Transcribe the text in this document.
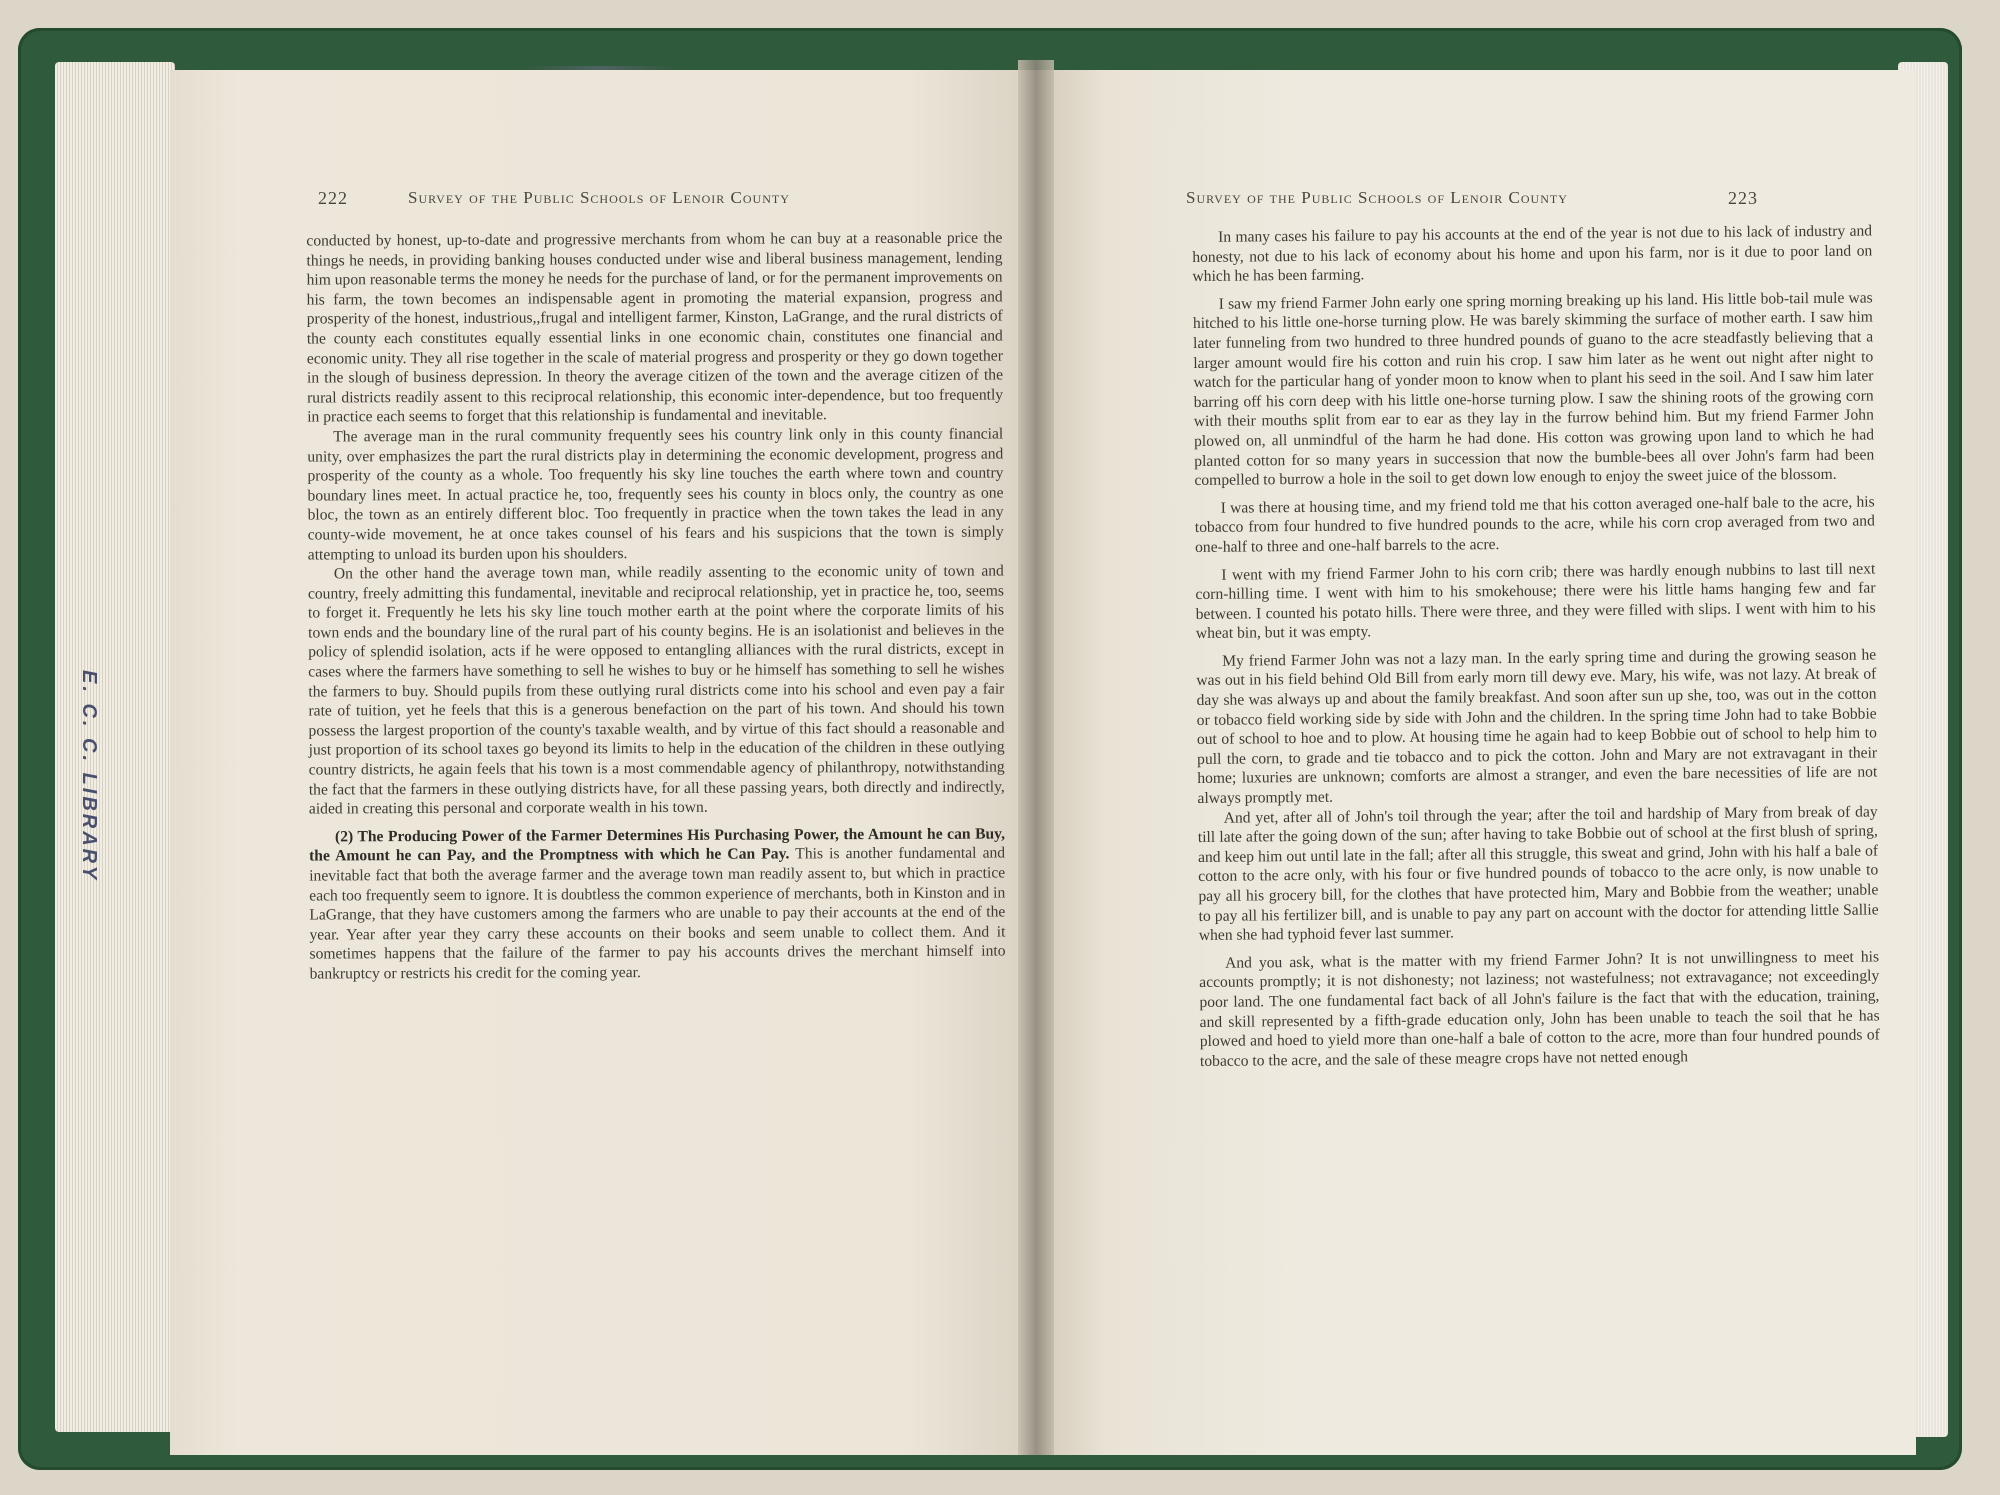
222	Survey of the Public Schools of Lenoir County

conducted by honest, up-to-date and progressive merchants from whom he can buy at a reasonable price the things he needs, in providing banking houses conducted under wise and liberal business management, lending him upon reasonable terms the money he needs for the purchase of land, or for the permanent improvements on his farm, the town becomes an indispensable agent in promoting the material expansion, progress and prosperity of the honest, industrious,,frugal and intelligent farmer, Kinston, LaGrange, and the rural districts of the county each constitutes equally essential links in one economic chain, constitutes one financial and economic unity. They all rise together in the scale of material progress and prosperity or they go down together in the slough of business depression. In theory the average citizen of the town and the average citizen of the rural districts readily assent to this reciprocal relationship, this economic inter-dependence, but too frequently in practice each seems to forget that this relationship is fundamental and inevitable.

The average man in the rural community frequently sees his country link only in this county financial unity, over emphasizes the part the rural districts play in determining the economic development, progress and prosperity of the county as a whole. Too frequently his sky line touches the earth where town and country boundary lines meet. In actual practice he, too, frequently sees his county in blocs only, the country as one bloc, the town as an entirely different bloc. Too frequently in practice when the town takes the lead in any county-wide movement, he at once takes counsel of his fears and his suspicions that the town is simply attempting to unload its burden upon his shoulders.

On the other hand the average town man, while readily assenting to the economic unity of town and country, freely admitting this fundamental, inevitable and reciprocal relationship, yet in practice he, too, seems to forget it. Frequently he lets his sky line touch mother earth at the point where the corporate limits of his town ends and the boundary line of the rural part of his county begins. He is an isolationist and believes in the policy of splendid isolation, acts if he were opposed to entangling alliances with the rural districts, except in cases where the farmers have something to sell he wishes to buy or he himself has something to sell he wishes the farmers to buy. Should pupils from these outlying rural districts come into his school and even pay a fair rate of tuition, yet he feels that this is a generous benefaction on the part of his town. And should his town possess the largest proportion of the county's taxable wealth, and by virtue of this fact should a reasonable and just proportion of its school taxes go beyond its limits to help in the education of the children in these outlying country districts, he again feels that his town is a most commendable agency of philanthropy, notwithstanding the fact that the farmers in these outlying districts have, for all these passing years, both directly and indirectly, aided in creating this personal and corporate wealth in his town.

(2) The Producing Power of the Farmer Determines His Purchasing Power, the Amount he can Buy, the Amount he can Pay, and the Promptness with which he Can Pay. This is another fundamental and inevitable fact that both the average farmer and the average town man readily assent to, but which in practice each too frequently seem to ignore. It is doubtless the common experience of merchants, both in Kinston and in LaGrange, that they have customers among the farmers who are unable to pay their accounts at the end of the year. Year after year they carry these accounts on their books and seem unable to collect them. And it sometimes happens that the failure of the farmer to pay his accounts drives the merchant himself into bankruptcy or restricts his credit for the coming year.

E. C. C. LIBRARY
Survey of the Public Schools of Lenoir County	223

In many cases his failure to pay his accounts at the end of the year is not due to his lack of industry and honesty, not due to his lack of economy about his home and upon his farm, nor is it due to poor land on which he has been farming.

I saw my friend Farmer John early one spring morning breaking up his land. His little bob-tail mule was hitched to his little one-horse turning plow. He was barely skimming the surface of mother earth. I saw him later funneling from two hundred to three hundred pounds of guano to the acre steadfastly believing that a larger amount would fire his cotton and ruin his crop. I saw him later as he went out night after night to watch for the particular hang of yonder moon to know when to plant his seed in the soil. And I saw him later barring off his corn deep with his little one-horse turning plow. I saw the shining roots of the growing corn with their mouths split from ear to ear as they lay in the furrow behind him. But my friend Farmer John plowed on, all unmindful of the harm he had done. His cotton was growing upon land to which he had planted cotton for so many years in succession that now the bumble-bees all over John's farm had been compelled to burrow a hole in the soil to get down low enough to enjoy the sweet juice of the blossom.

I was there at housing time, and my friend told me that his cotton averaged one-half bale to the acre, his tobacco from four hundred to five hundred pounds to the acre, while his corn crop averaged from two and one-half to three and one-half barrels to the acre.

I went with my friend Farmer John to his corn crib; there was hardly enough nubbins to last till next corn-hilling time. I went with him to his smokehouse; there were his little hams hanging few and far between. I counted his potato hills. There were three, and they were filled with slips. I went with him to his wheat bin, but it was empty.

My friend Farmer John was not a lazy man. In the early spring time and during the growing season he was out in his field behind Old Bill from early morn till dewy eve. Mary, his wife, was not lazy. At break of day she was always up and about the family breakfast. And soon after sun up she, too, was out in the cotton or tobacco field working side by side with John and the children. In the spring time John had to take Bobbie out of school to hoe and to plow. At housing time he again had to keep Bobbie out of school to help him to pull the corn, to grade and tie tobacco and to pick the cotton. John and Mary are not extravagant in their home; luxuries are unknown; comforts are almost a stranger, and even the bare necessities of life are not always promptly met.

And yet, after all of John's toil through the year; after the toil and hardship of Mary from break of day till late after the going down of the sun; after having to take Bobbie out of school at the first blush of spring, and keep him out until late in the fall; after all this struggle, this sweat and grind, John with his half a bale of cotton to the acre only, with his four or five hundred pounds of tobacco to the acre only, is now unable to pay all his grocery bill, for the clothes that have protected him, Mary and Bobbie from the weather; unable to pay all his fertilizer bill, and is unable to pay any part on account with the doctor for attending little Sallie when she had typhoid fever last summer.

And you ask, what is the matter with my friend Farmer John? It is not unwillingness to meet his accounts promptly; it is not dishonesty; not laziness; not wastefulness; not extravagance; not exceedingly poor land. The one fundamental fact back of all John's failure is the fact that with the education, training, and skill represented by a fifth-grade education only, John has been unable to teach the soil that he has plowed and hoed to yield more than one-half a bale of cotton to the acre, more than four hundred pounds of tobacco to the acre, and the sale of these meagre crops have not netted enough
